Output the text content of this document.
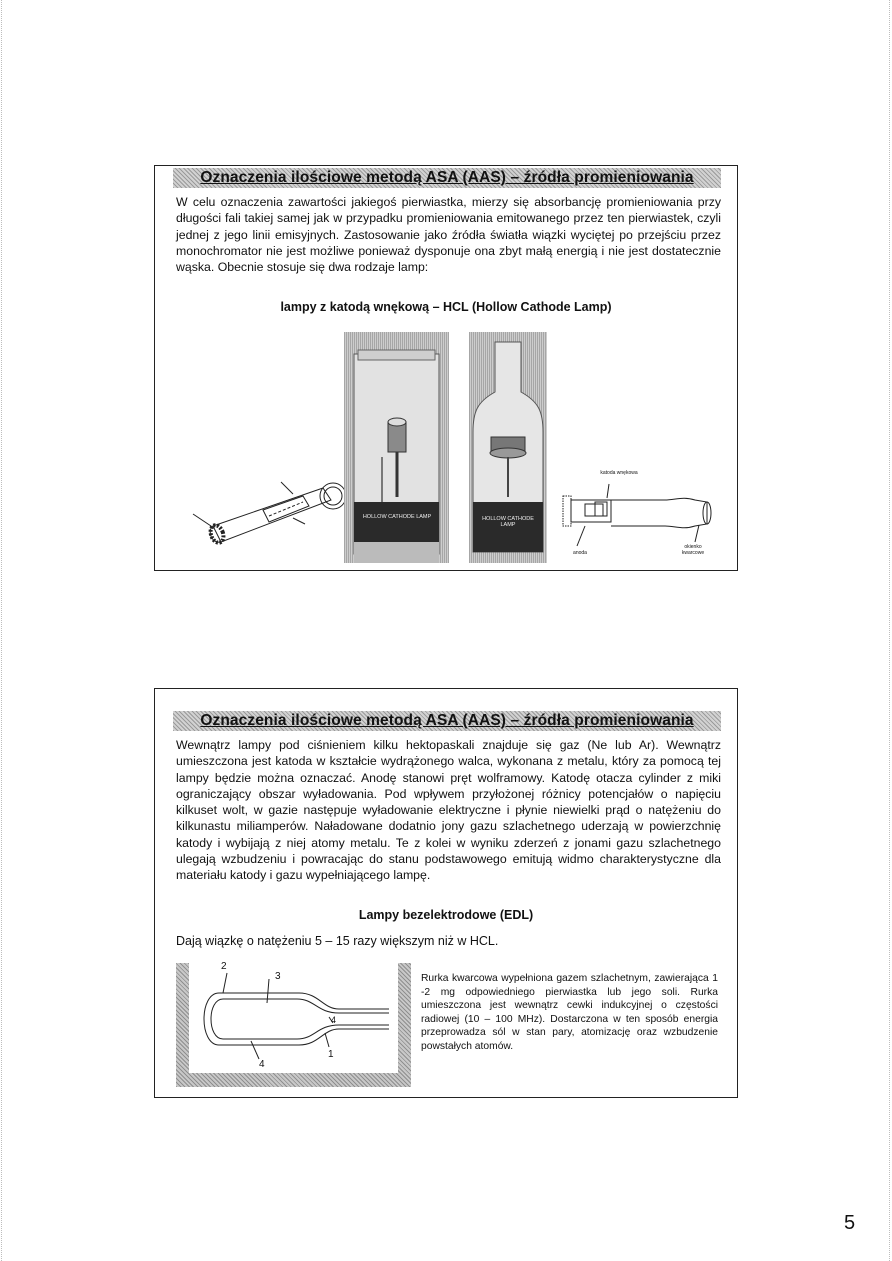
Oznaczenia ilościowe metodą ASA (AAS) – źródła promieniowania

W celu oznaczenia zawartości jakiegoś pierwiastka, mierzy się absorbancję promieniowania przy długości fali takiej samej jak w przypadku promieniowania emitowanego przez ten pierwiastek, czyli jednej z jego linii emisyjnych. Zastosowanie jako źródła światła wiązki wyciętej po przejściu przez monochromator nie jest możliwe ponieważ dysponuje ona zbyt małą energią i nie jest dostatecznie wąska. Obecnie stosuje się dwa rodzaje lamp:

lampy z katodą wnękową – HCL (Hollow Cathode Lamp)
HOLLOW CATHODE LAMP	HOLLOW CATHODE LAMP
katoda wnękowa
anoda
okienko kwarcowe
Oznaczenia ilościowe metodą ASA (AAS) – źródła promieniowania

Wewnątrz lampy pod ciśnieniem kilku hektopaskali znajduje się gaz (Ne lub Ar). Wewnątrz umieszczona jest katoda w kształcie wydrążonego walca, wykonana z metalu, który za pomocą tej lampy będzie można oznaczać. Anodę stanowi pręt wolframowy. Katodę otacza cylinder z miki ograniczający obszar wyładowania. Pod wpływem przyłożonej różnicy potencjałów o napięciu kilkuset wolt, w gazie następuje wyładowanie elektryczne i płynie niewielki prąd o natężeniu do kilkunastu miliamperów. Naładowane dodatnio jony gazu szlachetnego uderzają w powierzchnię katody i wybijają z niej atomy metalu. Te z kolei w wyniku zderzeń z jonami gazu szlachetnego ulegają wzbudzeniu i powracając do stanu podstawowego emitują widmo charakterystyczne dla materiału katody i gazu wypełniającego lampę.

Lampy bezelektrodowe (EDL)
Dają wiązkę o natężeniu 5 – 15 razy większym niż w HCL.
2
3
4
1
4

Rurka kwarcowa wypełniona gazem szlachetnym, zawierająca 1 -2 mg odpowiedniego pierwiastka lub jego soli. Rurka umieszczona jest wewnątrz cewki indukcyjnej o częstości radiowej (10 – 100 MHz). Dostarczona w ten sposób energia przeprowadza sól w stan pary, atomizację oraz wzbudzenie powstałych atomów.

5
